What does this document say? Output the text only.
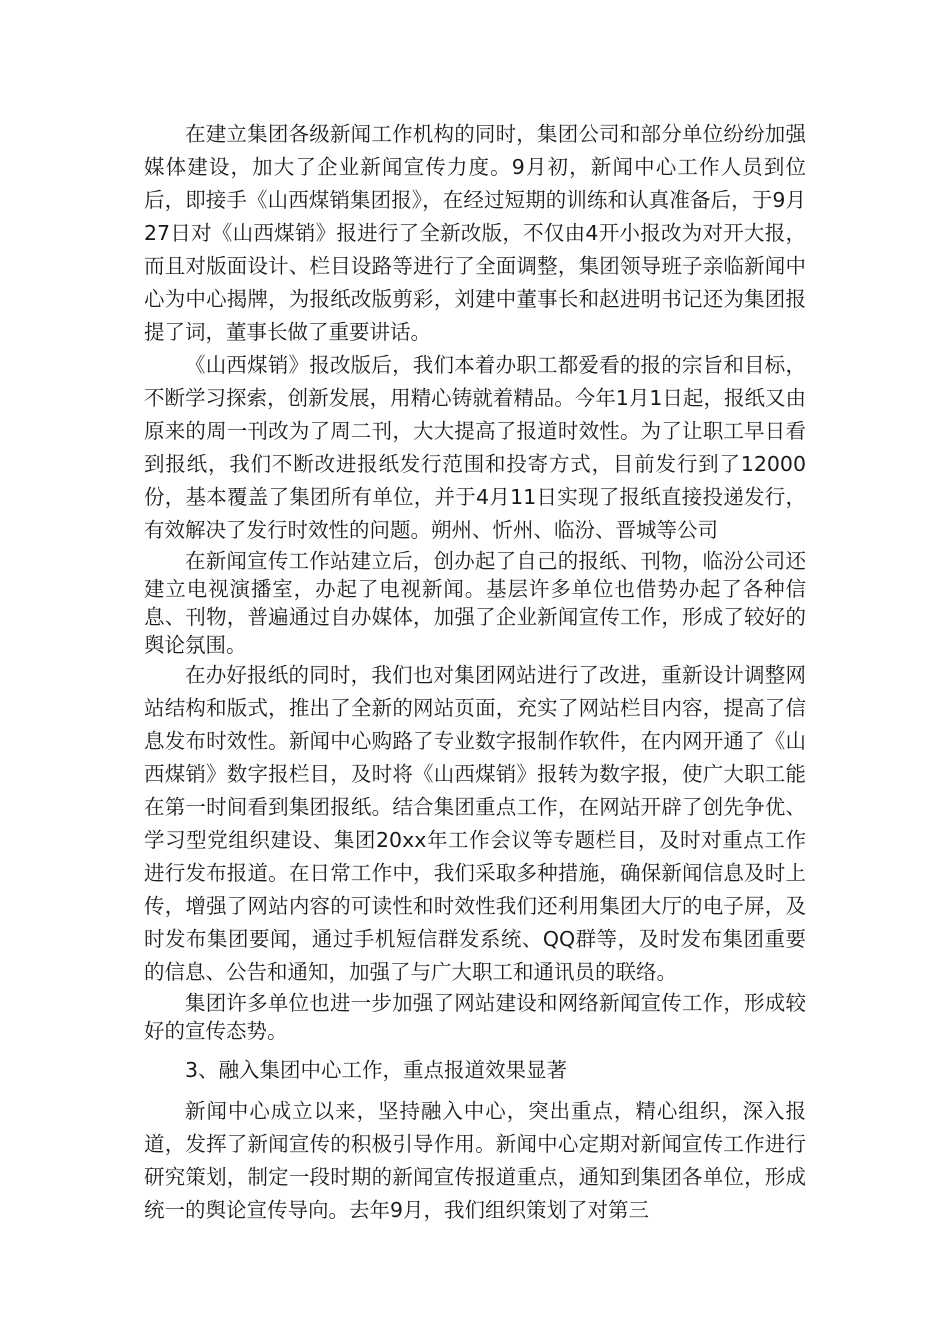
在建立集团各级新闻工作机构的同时，集团公司和部分单位纷纷加强媒体建设，加大了企业新闻宣传力度。9月初，新闻中心工作人员到位后，即接手《山西煤销集团报》，在经过短期的训练和认真准备后，于9月27日对《山西煤销》报进行了全新改版，不仅由4开小报改为对开大报，而且对版面设计、栏目设路等进行了全面调整，集团领导班子亲临新闻中心为中心揭牌，为报纸改版剪彩，刘建中董事长和赵进明书记还为集团报提了词，董事长做了重要讲话。

《山西煤销》报改版后，我们本着办职工都爱看的报的宗旨和目标，不断学习探索，创新发展，用精心铸就着精品。今年1月1日起，报纸又由原来的周一刊改为了周二刊，大大提高了报道时效性。为了让职工早日看到报纸，我们不断改进报纸发行范围和投寄方式，目前发行到了12000份，基本覆盖了集团所有单位，并于4月11日实现了报纸直接投递发行，有效解决了发行时效性的问题。朔州、忻州、临汾、晋城等公司

在新闻宣传工作站建立后，创办起了自己的报纸、刊物，临汾公司还建立电视演播室，办起了电视新闻。基层许多单位也借势办起了各种信息、刊物，普遍通过自办媒体，加强了企业新闻宣传工作，形成了较好的舆论氛围。

在办好报纸的同时，我们也对集团网站进行了改进，重新设计调整网站结构和版式，推出了全新的网站页面，充实了网站栏目内容，提高了信息发布时效性。新闻中心购路了专业数字报制作软件，在内网开通了《山西煤销》数字报栏目，及时将《山西煤销》报转为数字报，使广大职工能在第一时间看到集团报纸。结合集团重点工作，在网站开辟了创先争优、学习型党组织建设、集团20xx年工作会议等专题栏目，及时对重点工作进行发布报道。在日常工作中，我们采取多种措施，确保新闻信息及时上传，增强了网站内容的可读性和时效性我们还利用集团大厅的电子屏，及时发布集团要闻，通过手机短信群发系统、QQ群等，及时发布集团重要的信息、公告和通知，加强了与广大职工和通讯员的联络。

集团许多单位也进一步加强了网站建设和网络新闻宣传工作，形成较好的宣传态势。

3、融入集团中心工作，重点报道效果显著

新闻中心成立以来，坚持融入中心，突出重点，精心组织，深入报道，发挥了新闻宣传的积极引导作用。新闻中心定期对新闻宣传工作进行研究策划，制定一段时期的新闻宣传报道重点，通知到集团各单位，形成统一的舆论宣传导向。去年9月，我们组织策划了对第三
